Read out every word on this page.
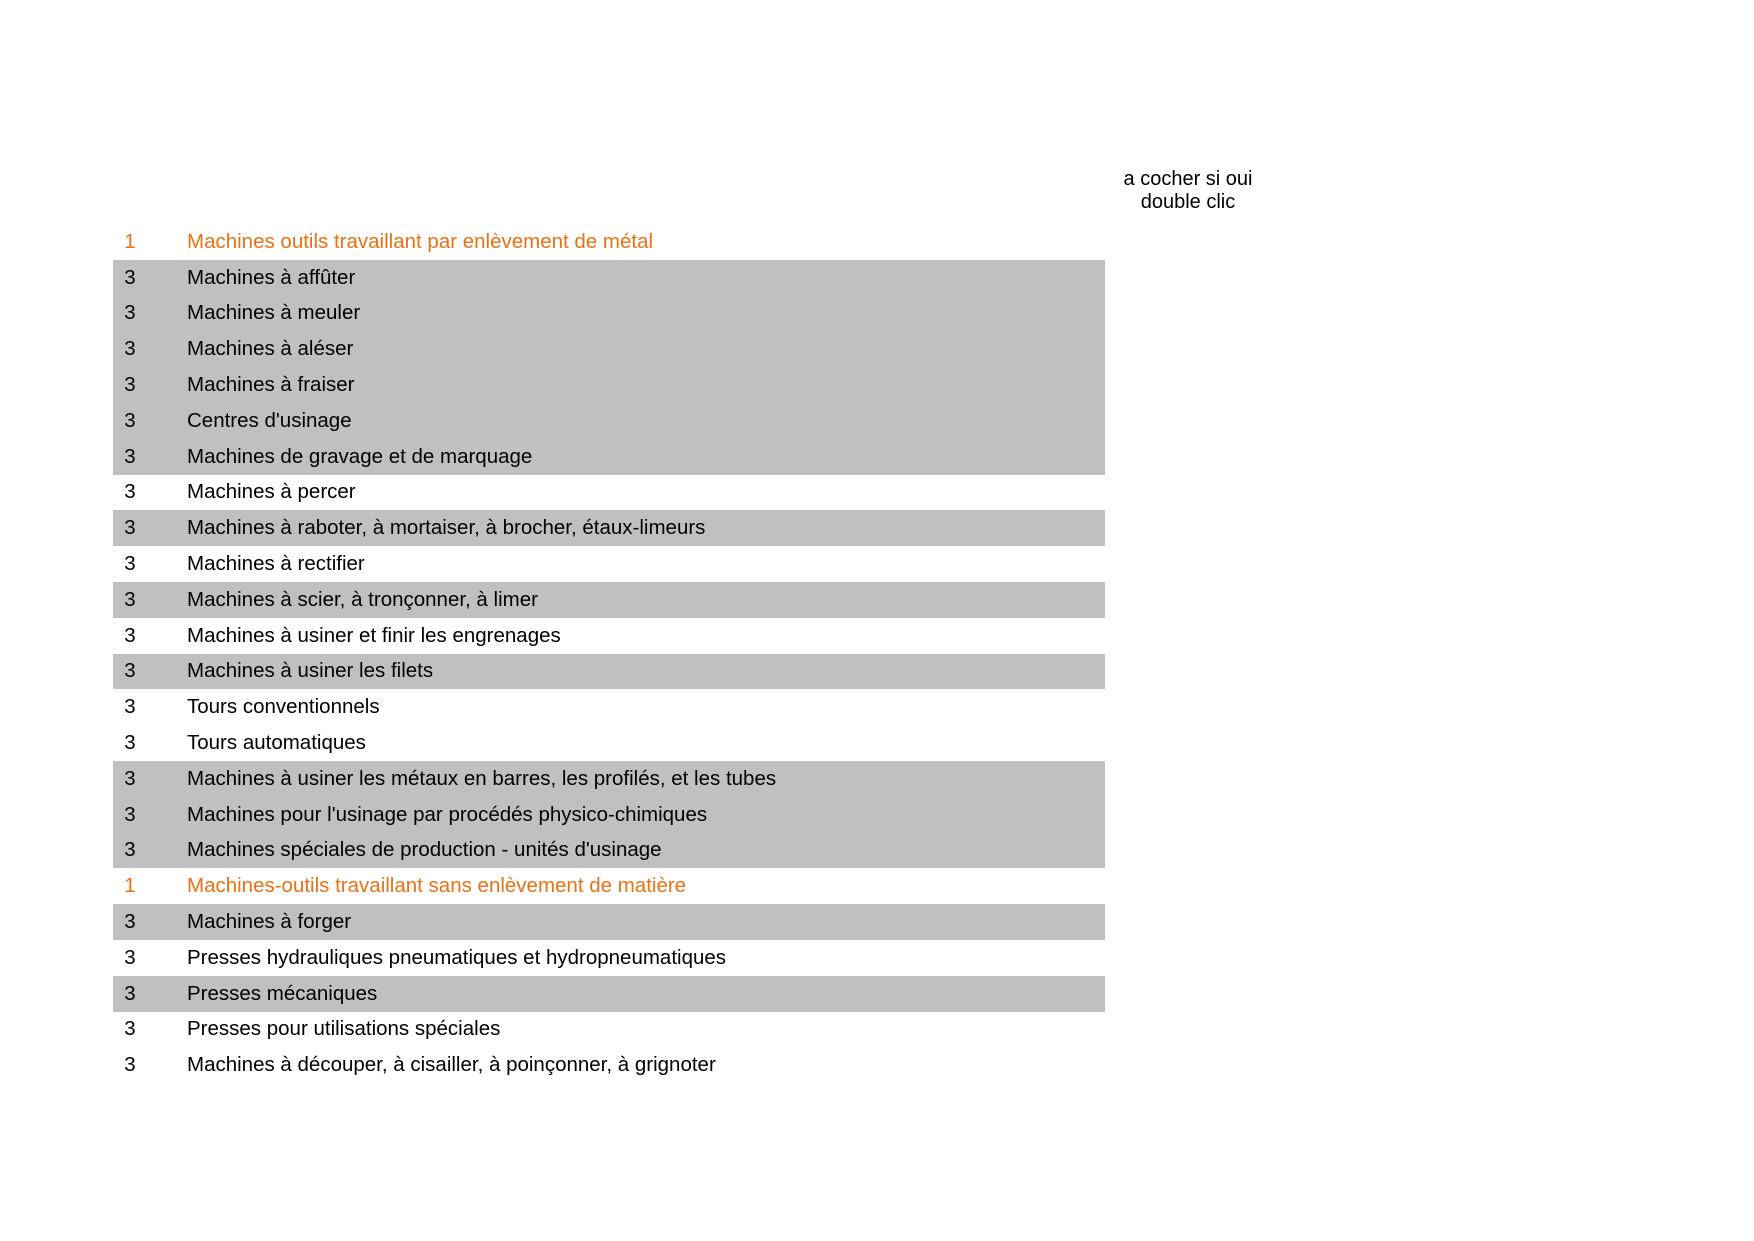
a cocher si oui
double clic
1	Machines outils travaillant par enlèvement de métal
3	Machines à affûter
3	Machines à meuler
3	Machines à aléser
3	Machines à fraiser
3	Centres d'usinage
3	Machines de gravage et de marquage
3	Machines à percer
3	Machines à raboter, à mortaiser, à brocher, étaux-limeurs
3	Machines à rectifier
3	Machines à scier, à tronçonner, à limer
3	Machines à usiner et finir les engrenages
3	Machines à usiner les filets
3	Tours conventionnels
3	Tours automatiques
3	Machines à usiner les métaux en barres, les profilés, et les tubes
3	Machines pour l'usinage par procédés physico-chimiques
3	Machines spéciales de production - unités d'usinage
1	Machines-outils travaillant sans enlèvement de matière
3	Machines à forger
3	Presses hydrauliques pneumatiques et hydropneumatiques
3	Presses mécaniques
3	Presses pour utilisations spéciales
3	Machines à découper, à cisailler, à poinçonner, à grignoter
